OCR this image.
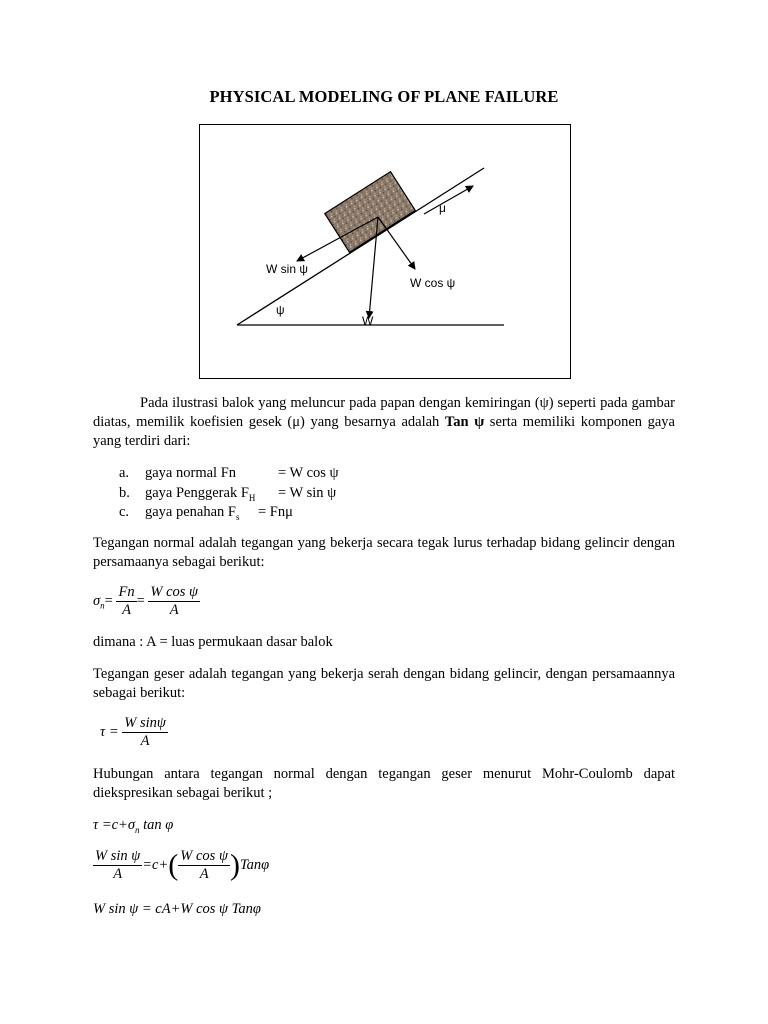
PHYSICAL MODELING OF PLANE FAILURE
μ
W sin ψ
W cos ψ
ψ
W
Pada ilustrasi balok yang meluncur pada papan dengan kemiringan (ψ) seperti pada gambar diatas, memilik koefisien gesek (μ) yang besarnya adalah Tan ψ serta memiliki komponen gaya yang terdiri dari:
a. gaya normal Fn	= W cos ψ
b. gaya Penggerak $F_H = W$ sin ψ
c. gaya penahan $F_s = Fn\mu$
Tegangan normal adalah tegangan yang bekerja secara tegak lurus terhadap bidang gelincir dengan persamaanya sebagai berikut:
$\sigma_n= \frac{Fn}{A} = \frac{\text{W cos ψ}}{A}$
dimana : A = luas permukaan dasar balok
Tegangan geser adalah tegangan yang bekerja serah dengan bidang gelincir, dengan persamaannya sebagai berikut:
$\tau = \frac{\text{W sinψ}}{A}$
Hubungan antara tegangan normal dengan tegangan geser menurut Mohr-Coulomb dapat diekspresikan sebagai berikut ;
$\tau =c+\sigma_n$ tan φ
$\frac{\text{W sin ψ}}{A} =c+( \frac{\text{W cos ψ}}{A} )Tan\varphi$
W sin ψ = cA+W cos ψ Tanφ
